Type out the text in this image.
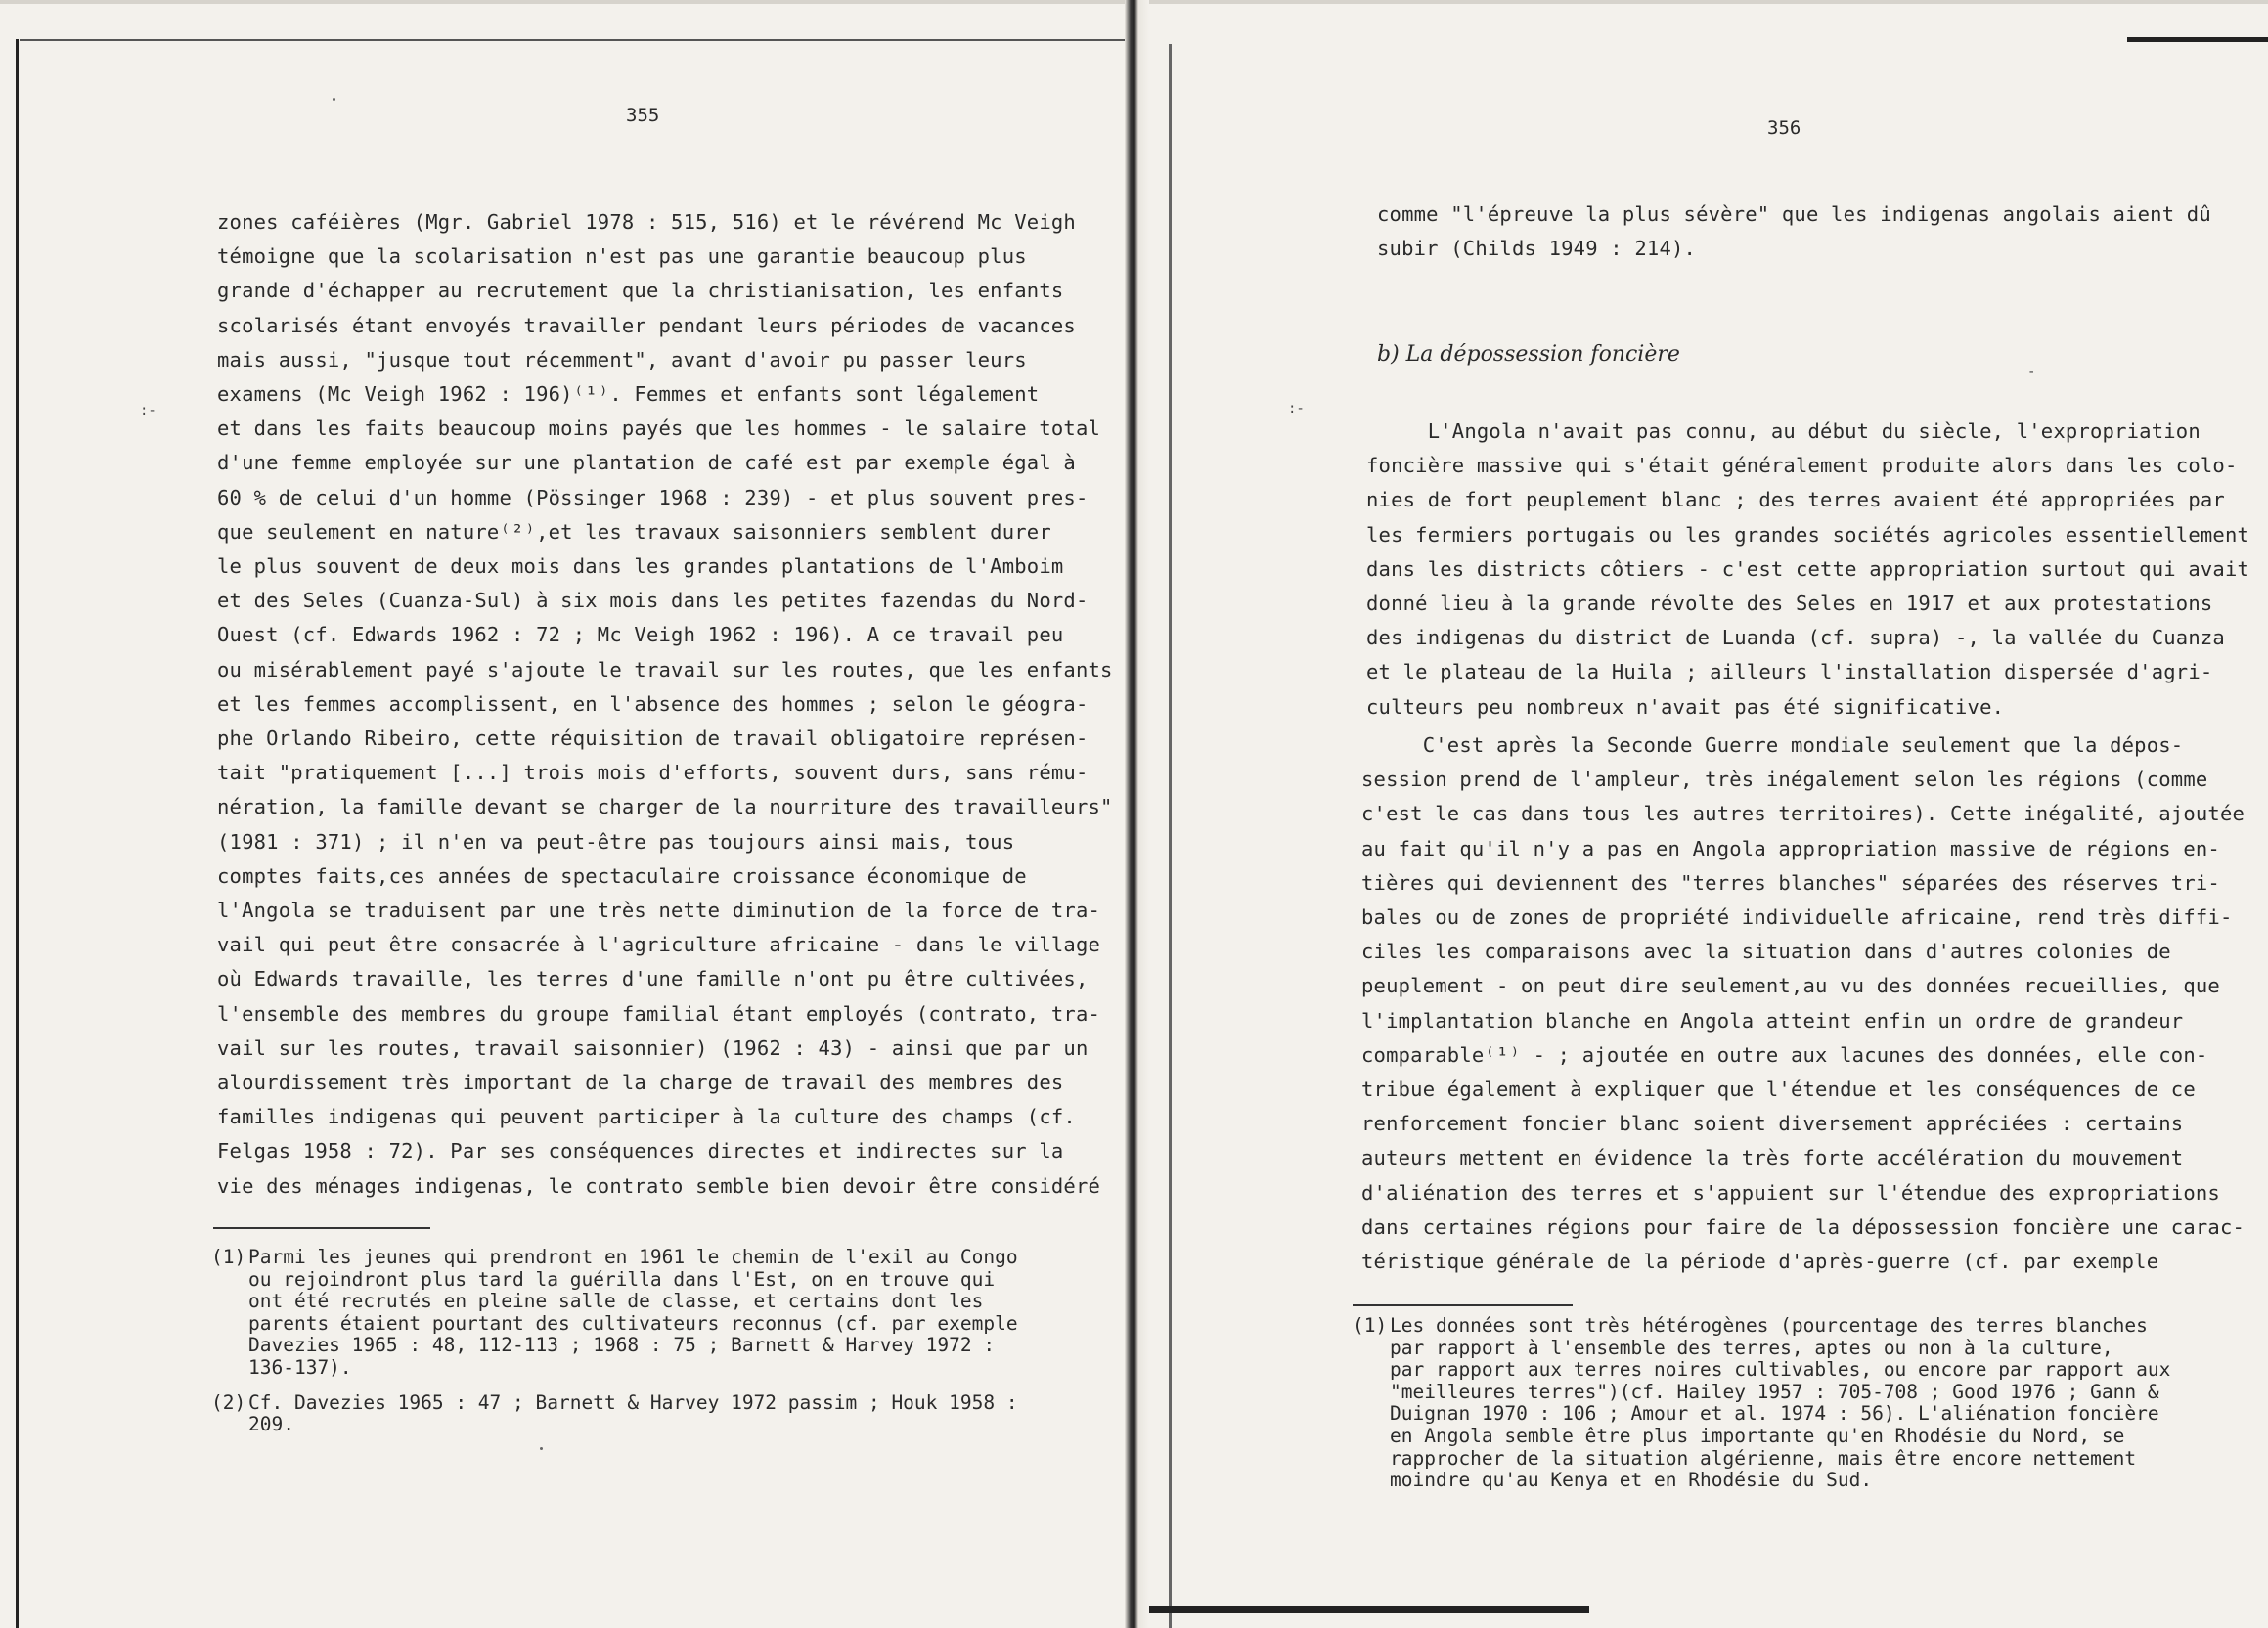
355
:-
zones caféières (Mgr. Gabriel 1978 : 515, 516) et le révérend Mc Veigh
témoigne que la scolarisation n'est pas une garantie beaucoup plus
grande d'échapper au recrutement que la christianisation, les enfants
scolarisés étant envoyés travailler pendant leurs périodes de vacances
mais aussi, "jusque tout récemment", avant d'avoir pu passer leurs
examens (Mc Veigh 1962 : 196)⁽¹⁾. Femmes et enfants sont légalement
et dans les faits beaucoup moins payés que les hommes - le salaire total
d'une femme employée sur une plantation de café est par exemple égal à
60 % de celui d'un homme (Pössinger 1968 : 239) - et plus souvent pres-
que seulement en nature⁽²⁾,et les travaux saisonniers semblent durer
le plus souvent de deux mois dans les grandes plantations de l'Amboim
et des Seles (Cuanza-Sul) à six mois dans les petites fazendas du Nord-
Ouest (cf. Edwards 1962 : 72 ; Mc Veigh 1962 : 196). A ce travail peu
ou misérablement payé s'ajoute le travail sur les routes, que les enfants
et les femmes accomplissent, en l'absence des hommes ; selon le géogra-
phe Orlando Ribeiro, cette réquisition de travail obligatoire représen-
tait "pratiquement [...] trois mois d'efforts, souvent durs, sans rému-
nération, la famille devant se charger de la nourriture des travailleurs"
(1981 : 371) ; il n'en va peut-être pas toujours ainsi mais, tous
comptes faits,ces années de spectaculaire croissance économique de
l'Angola se traduisent par une très nette diminution de la force de tra-
vail qui peut être consacrée à l'agriculture africaine - dans le village
où Edwards travaille, les terres d'une famille n'ont pu être cultivées,
l'ensemble des membres du groupe familial étant employés (contrato, tra-
vail sur les routes, travail saisonnier) (1962 : 43) - ainsi que par un
alourdissement très important de la charge de travail des membres des
familles indigenas qui peuvent participer à la culture des champs (cf.
Felgas 1958 : 72). Par ses conséquences directes et indirectes sur la
vie des ménages indigenas, le contrato semble bien devoir être considéré
(1) Parmi les jeunes qui prendront en 1961 le chemin de l'exil au Congo
ou rejoindront plus tard la guérilla dans l'Est, on en trouve qui
ont été recrutés en pleine salle de classe, et certains dont les
parents étaient pourtant des cultivateurs reconnus (cf. par exemple
Davezies 1965 : 48, 112-113 ; 1968 : 75 ; Barnett & Harvey 1972 :
136-137).
(2) Cf. Davezies 1965 : 47 ; Barnett & Harvey 1972 passim ; Houk 1958 :
209.
356
:-
-
comme "l'épreuve la plus sévère" que les indigenas angolais aient dû
subir (Childs 1949 : 214).
b) La dépossession foncière
L'Angola n'avait pas connu, au début du siècle, l'expropriation
foncière massive qui s'était généralement produite alors dans les colo-
nies de fort peuplement blanc ; des terres avaient été appropriées par
les fermiers portugais ou les grandes sociétés agricoles essentiellement
dans les districts côtiers - c'est cette appropriation surtout qui avait
donné lieu à la grande révolte des Seles en 1917 et aux protestations
des indigenas du district de Luanda (cf. supra) -, la vallée du Cuanza
et le plateau de la Huila ; ailleurs l'installation dispersée d'agri-
culteurs peu nombreux n'avait pas été significative.
C'est après la Seconde Guerre mondiale seulement que la dépos-
session prend de l'ampleur, très inégalement selon les régions (comme
c'est le cas dans tous les autres territoires). Cette inégalité, ajoutée
au fait qu'il n'y a pas en Angola appropriation massive de régions en-
tières qui deviennent des "terres blanches" séparées des réserves tri-
bales ou de zones de propriété individuelle africaine, rend très diffi-
ciles les comparaisons avec la situation dans d'autres colonies de
peuplement - on peut dire seulement,au vu des données recueillies, que
l'implantation blanche en Angola atteint enfin un ordre de grandeur
comparable⁽¹⁾ - ; ajoutée en outre aux lacunes des données, elle con-
tribue également à expliquer que l'étendue et les conséquences de ce
renforcement foncier blanc soient diversement appréciées : certains
auteurs mettent en évidence la très forte accélération du mouvement
d'aliénation des terres et s'appuient sur l'étendue des expropriations
dans certaines régions pour faire de la dépossession foncière une carac-
téristique générale de la période d'après-guerre (cf. par exemple
(1) Les données sont très hétérogènes (pourcentage des terres blanches
par rapport à l'ensemble des terres, aptes ou non à la culture,
par rapport aux terres noires cultivables, ou encore par rapport aux
"meilleures terres")(cf. Hailey 1957 : 705-708 ; Good 1976 ; Gann &
Duignan 1970 : 106 ; Amour et al. 1974 : 56). L'aliénation foncière
en Angola semble être plus importante qu'en Rhodésie du Nord, se
rapprocher de la situation algérienne, mais être encore nettement
moindre qu'au Kenya et en Rhodésie du Sud.
